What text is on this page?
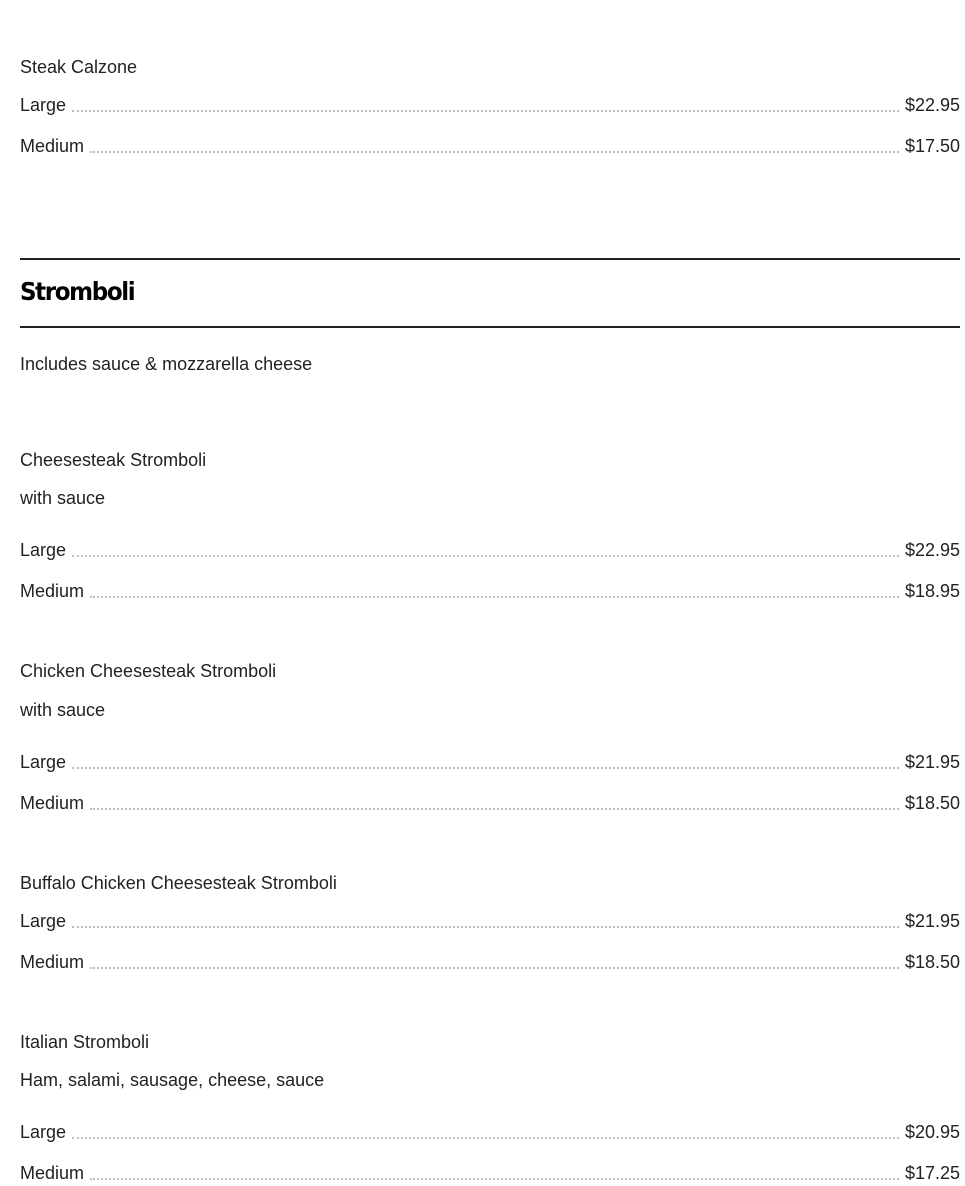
Steak Calzone
Large	$22.95
Medium	$17.50
Stromboli
Includes sauce & mozzarella cheese
Cheesesteak Stromboli
with sauce
Large	$22.95
Medium	$18.95
Chicken Cheesesteak Stromboli
with sauce
Large	$21.95
Medium	$18.50
Buffalo Chicken Cheesesteak Stromboli
Large	$21.95
Medium	$18.50
Italian Stromboli
Ham, salami, sausage, cheese, sauce
Large	$20.95
Medium	$17.25
